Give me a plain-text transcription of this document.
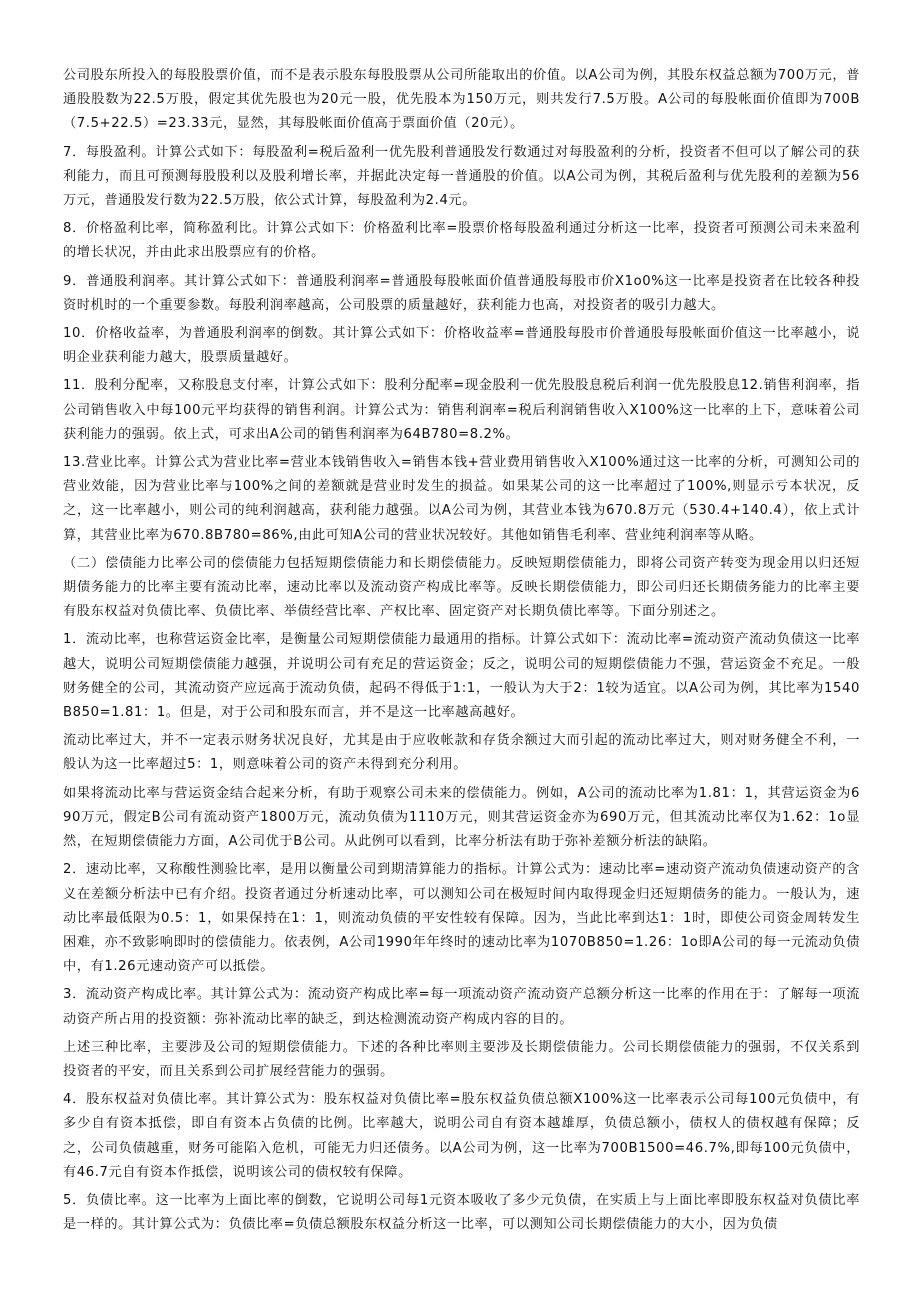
公司股东所投入的每股股票价值，而不是表示股东每股股票从公司所能取出的价值。以A公司为例，其股东权益总额为700万元，普通股股数为22.5万股，假定其优先股也为20元一股，优先股本为150万元，则共发行7.5万股。A公司的每股帐面价值即为700B（7.5+22.5）=23.33元，显然，其每股帐面价值高于票面价值（20元）。

7．每股盈利。计算公式如下：每股盈利=税后盈利一优先股利普通股发行数通过对每股盈利的分析，投资者不但可以了解公司的获利能力，而且可预测每股股利以及股利增长率，并据此决定每一普通股的价值。以A公司为例，其税后盈利与优先股利的差额为56万元，普通股发行数为22.5万股，依公式计算，每股盈利为2.4元。

8．价格盈利比率，简称盈利比。计算公式如下：价格盈利比率=股票价格每股盈利通过分析这一比率，投资者可预测公司未来盈利的增长状况，并由此求出股票应有的价格。

9．普通股利润率。其计算公式如下：普通股利润率=普通股每股帐面价值普通股每股市价X1o0%这一比率是投资者在比较各种投资时机时的一个重要参数。每股利润率越高，公司股票的质量越好，获利能力也高，对投资者的吸引力越大。

10．价格收益率，为普通股利润率的倒数。其计算公式如下：价格收益率=普通股每股市价普通股每股帐面价值这一比率越小，说明企业获利能力越大，股票质量越好。

11．股利分配率，又称股息支付率，计算公式如下：股利分配率=现金股利一优先股股息税后利润一优先股股息12.销售利润率，指公司销售收入中每100元平均获得的销售利润。计算公式为：销售利润率=税后利润销售收入X100%这一比率的上下，意味着公司获利能力的强弱。依上式，可求出A公司的销售利润率为64B780=8.2%。

13.营业比率。计算公式为营业比率=营业本钱销售收入=销售本钱+营业费用销售收入X100%通过这一比率的分析，可测知公司的营业效能，因为营业比率与100%之间的差额就是营业时发生的损益。如果某公司的这一比率超过了100%,则显示亏本状况，反之，这一比率越小，则公司的纯利润越高，获利能力越强。以A公司为例，其营业本钱为670.8万元（530.4+140.4），依上式计算，其营业比率为670.8B780=86%,由此可知A公司的营业状况较好。其他如销售毛利率、营业纯利润率等从略。

（二）偿债能力比率公司的偿债能力包括短期偿债能力和长期偿债能力。反映短期偿债能力，即将公司资产转变为现金用以归还短期债务能力的比率主要有流动比率，速动比率以及流动资产构成比率等。反映长期偿债能力，即公司归还长期债务能力的比率主要有股东权益对负债比率、负债比率、举债经营比率、产权比率、固定资产对长期负债比率等。下面分别述之。

1．流动比率，也称营运资金比率，是衡量公司短期偿债能力最通用的指标。计算公式如下：流动比率=流动资产流动负债这一比率越大，说明公司短期偿债能力越强，并说明公司有充足的营运资金；反之，说明公司的短期偿债能力不强，营运资金不充足。一般财务健全的公司，其流动资产应远高于流动负债，起码不得低于1:1，一般认为大于2：1较为适宜。以A公司为例，其比率为1540B850=1.81：1。但是，对于公司和股东而言，并不是这一比率越高越好。

流动比率过大，并不一定表示财务状况良好，尤其是由于应收帐款和存货余额过大而引起的流动比率过大，则对财务健全不利，一般认为这一比率超过5：1，则意味着公司的资产未得到充分利用。

如果将流动比率与营运资金结合起来分析，有助于观察公司未来的偿债能力。例如，A公司的流动比率为1.81：1，其营运资金为690万元，假定B公司有流动资产1800万元，流动负债为1110万元，则其营运资金亦为690万元，但其流动比率仅为1.62：1o显然，在短期偿债能力方面，A公司优于B公司。从此例可以看到，比率分析法有助于弥补差额分析法的缺陷。

2．速动比率，又称酸性测验比率，是用以衡量公司到期清算能力的指标。计算公式为：速动比率=速动资产流动负债速动资产的含义在差额分析法中已有介绍。投资者通过分析速动比率，可以测知公司在极短时间内取得现金归还短期债务的能力。一般认为，速动比率最低限为0.5：1，如果保持在1：1，则流动负债的平安性较有保障。因为，当此比率到达1：1时，即使公司资金周转发生困难，亦不致影响即时的偿债能力。依表例，A公司1990年年终时的速动比率为1070B850=1.26：1o即A公司的每一元流动负债中，有1.26元速动资产可以抵偿。

3．流动资产构成比率。其计算公式为：流动资产构成比率=每一项流动资产流动资产总额分析这一比率的作用在于：了解每一项流动资产所占用的投资额：弥补流动比率的缺乏，到达检测流动资产构成内容的目的。

上述三种比率，主要涉及公司的短期偿债能力。下述的各种比率则主要涉及长期偿债能力。公司长期偿债能力的强弱，不仅关系到投资者的平安，而且关系到公司扩展经营能力的强弱。

4．股东权益对负债比率。其计算公式为：股东权益对负债比率=股东权益负债总额X100%这一比率表示公司每100元负债中，有多少自有资本抵偿，即自有资本占负债的比例。比率越大，说明公司自有资本越雄厚，负债总额小，债权人的债权越有保障；反之，公司负债越重，财务可能陷入危机，可能无力归还债务。以A公司为例，这一比率为700B1500=46.7%,即每100元负债中，有46.7元自有资本作抵偿，说明该公司的债权较有保障。

5．负债比率。这一比率为上面比率的倒数，它说明公司每1元资本吸收了多少元负债，在实质上与上面比率即股东权益对负债比率是一样的。其计算公式为：负债比率=负债总额股东权益分析这一比率，可以测知公司长期偿债能力的大小，因为负债
